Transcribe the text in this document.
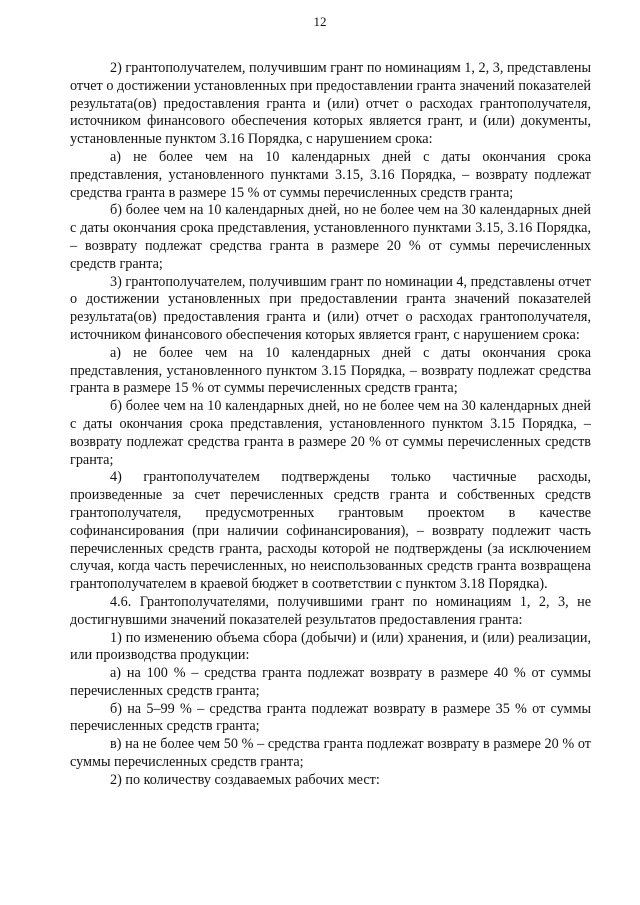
12

2) грантополучателем, получившим грант по номинациям 1, 2, 3, представлены отчет о достижении установленных при предоставлении гранта значений показателей результата(ов) предоставления гранта и (или) отчет о расходах грантополучателя, источником финансового обеспечения которых является грант, и (или) документы, установленные пунктом 3.16 Порядка, с нарушением срока:

а) не более чем на 10 календарных дней с даты окончания срока представления, установленного пунктами 3.15, 3.16 Порядка, – возврату подлежат средства гранта в размере 15 % от суммы перечисленных средств гранта;

б) более чем на 10 календарных дней, но не более чем на 30 календарных дней с даты окончания срока представления, установленного пунктами 3.15, 3.16 Порядка, – возврату подлежат средства гранта в размере 20 % от суммы перечисленных средств гранта;

3) грантополучателем, получившим грант по номинации 4, представлены отчет о достижении установленных при предоставлении гранта значений показателей результата(ов) предоставления гранта и (или) отчет о расходах грантополучателя, источником финансового обеспечения которых является грант, с нарушением срока:

а) не более чем на 10 календарных дней с даты окончания срока представления, установленного пунктом 3.15 Порядка, – возврату подлежат средства гранта в размере 15 % от суммы перечисленных средств гранта;

б) более чем на 10 календарных дней, но не более чем на 30 календарных дней с даты окончания срока представления, установленного пунктом 3.15 Порядка, – возврату подлежат средства гранта в размере 20 % от суммы перечисленных средств гранта;

4) грантополучателем подтверждены только частичные расходы, произведенные за счет перечисленных средств гранта и собственных средств грантополучателя, предусмотренных грантовым проектом в качестве софинансирования (при наличии софинансирования), – возврату подлежит часть перечисленных средств гранта, расходы которой не подтверждены (за исключением случая, когда часть перечисленных, но неиспользованных средств гранта возвращена грантополучателем в краевой бюджет в соответствии с пунктом 3.18 Порядка).

4.6. Грантополучателями, получившими грант по номинациям 1, 2, 3, не достигнувшими значений показателей результатов предоставления гранта:

1) по изменению объема сбора (добычи) и (или) хранения, и (или) реализации, или производства продукции:

а) на 100 % – средства гранта подлежат возврату в размере 40 % от суммы перечисленных средств гранта;

б) на 5–99 % – средства гранта подлежат возврату в размере 35 % от суммы перечисленных средств гранта;

в) на не более чем 50 % – средства гранта подлежат возврату в размере 20 % от суммы перечисленных средств гранта;

2) по количеству создаваемых рабочих мест:
